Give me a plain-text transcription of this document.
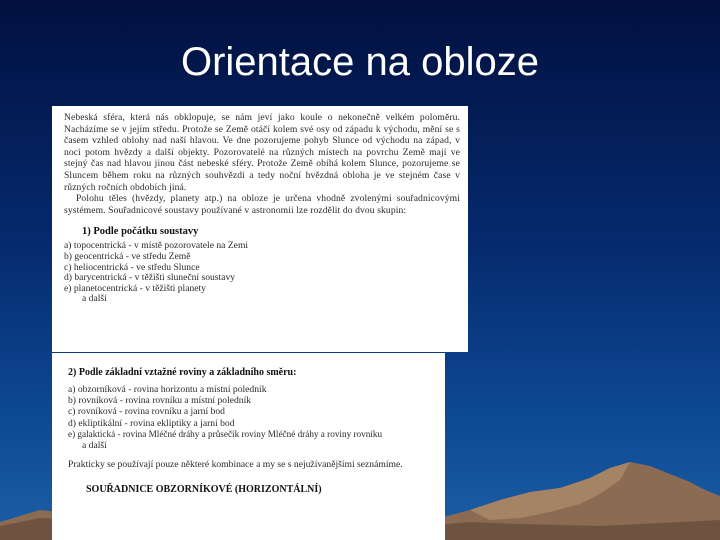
Orientace na obloze

Nebeská sféra, která nás obklopuje, se nám jeví jako koule o nekonečně velkém poloměru. Nacházíme se v jejím středu. Protože se Země otáčí kolem své osy od západu k východu, mění se s časem vzhled oblohy nad naší hlavou. Ve dne pozorujeme pohyb Slunce od východu na západ, v noci potom hvězdy a další objekty. Pozorovatelé na různých místech na povrchu Země mají ve stejný čas nad hlavou jinou část nebeské sféry. Protože Země obíhá kolem Slunce, pozorujeme se Sluncem během roku na různých souhvězdí a tedy noční hvězdná obloha je ve stejném čase v různých ročních obdobích jiná.

Polohu těles (hvězdy, planety atp.) na obloze je určena vhodně zvolenými souřadnicovými systémem. Souřadnicové soustavy používané v astronomii lze rozdělit do dvou skupin:

1) Podle počátku soustavy
a) topocentrická - v místě pozorovatele na Zemi
b) geocentrická - ve středu Země
c) heliocentrická - ve středu Slunce
d) barycentrická - v těžišti sluneční soustavy
e) planetocentrická - v těžišti planety
a další
2) Podle základní vztažné roviny a základního směru:
a) obzorníková - rovina horizontu a místní poledník
b) rovníková - rovina rovníku a místní poledník
c) rovníková - rovina rovníku a jarní bod
d) ekliptikální - rovina ekliptiky a jarní bod
e) galaktická - rovina Mléčné dráhy a průsečík roviny Mléčné dráhy a roviny rovníku
a další

Prakticky se používají pouze některé kombinace a my se s nejužívanějšími seznámíme.

SOUŘADNICE OBZORNÍKOVÉ (HORIZONTÁLNÍ)
